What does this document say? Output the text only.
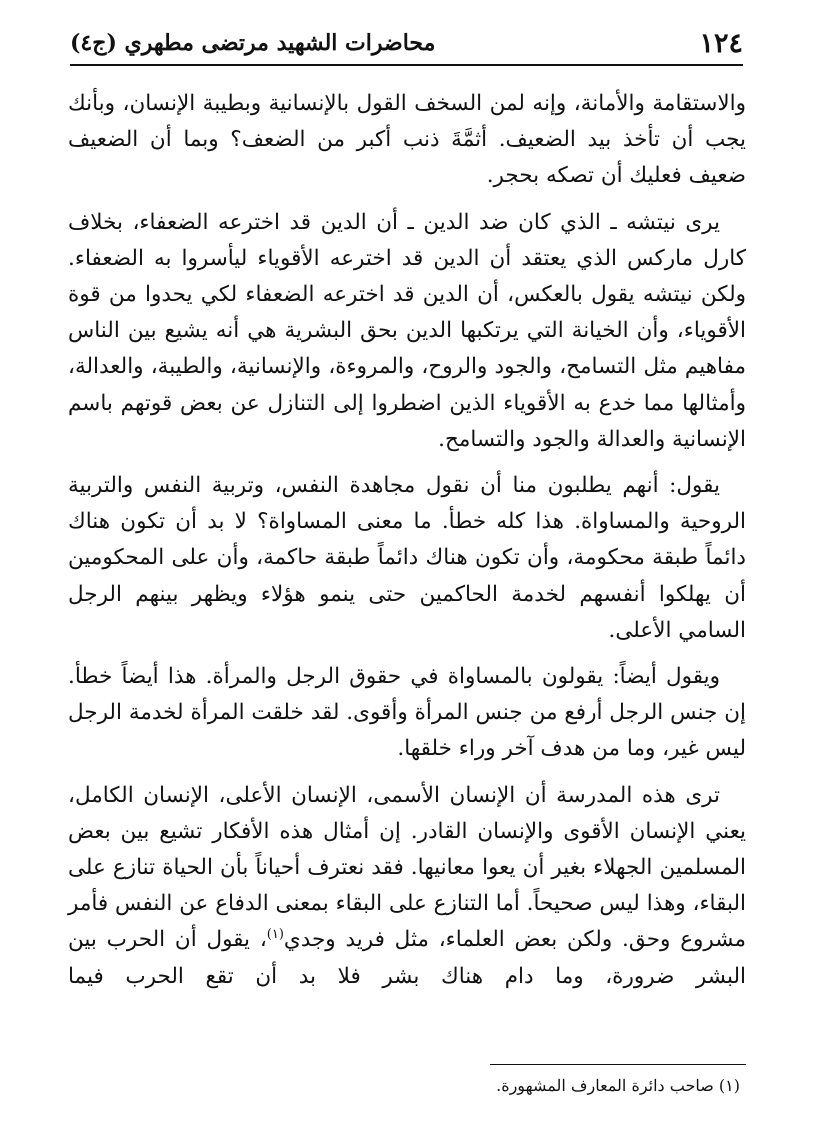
١٢٤
محاضرات الشهيد مرتضى مطهري (ج٤)

والاستقامة والأمانة، وإنه لمن السخف القول بالإنسانية وبطيبة الإنسان، وبأنك يجب أن تأخذ بيد الضعيف. أثمَّةَ ذنب أكبر من الضعف؟ وبما أن الضعيف ضعيف فعليك أن تصكه بحجر.

يرى نيتشه ـ الذي كان ضد الدين ـ أن الدين قد اخترعه الضعفاء، بخلاف كارل ماركس الذي يعتقد أن الدين قد اخترعه الأقوياء ليأسروا به الضعفاء. ولكن نيتشه يقول بالعكس، أن الدين قد اخترعه الضعفاء لكي يحدوا من قوة الأقوياء، وأن الخيانة التي يرتكبها الدين بحق البشرية هي أنه يشيع بين الناس مفاهيم مثل التسامح، والجود والروح، والمروءة، والإنسانية، والطيبة، والعدالة، وأمثالها مما خدع به الأقوياء الذين اضطروا إلى التنازل عن بعض قوتهم باسم الإنسانية والعدالة والجود والتسامح.

يقول: أنهم يطلبون منا أن نقول مجاهدة النفس، وتربية النفس والتربية الروحية والمساواة. هذا كله خطأ. ما معنى المساواة؟ لا بد أن تكون هناك دائماً طبقة محكومة، وأن تكون هناك دائماً طبقة حاكمة، وأن على المحكومين أن يهلكوا أنفسهم لخدمة الحاكمين حتى ينمو هؤلاء ويظهر بينهم الرجل السامي الأعلى.

ويقول أيضاً: يقولون بالمساواة في حقوق الرجل والمرأة. هذا أيضاً خطأ. إن جنس الرجل أرفع من جنس المرأة وأقوى. لقد خلقت المرأة لخدمة الرجل ليس غير، وما من هدف آخر وراء خلقها.

ترى هذه المدرسة أن الإنسان الأسمى، الإنسان الأعلى، الإنسان الكامل، يعني الإنسان الأقوى والإنسان القادر. إن أمثال هذه الأفكار تشيع بين بعض المسلمين الجهلاء بغير أن يعوا معانيها. فقد نعترف أحياناً بأن الحياة تنازع على البقاء، وهذا ليس صحيحاً. أما التنازع على البقاء بمعنى الدفاع عن النفس فأمر مشروع وحق. ولكن بعض العلماء، مثل فريد وجدي$^{(١)}$، يقول أن الحرب بين البشر ضرورة، وما دام هناك بشر فلا بد أن تقع الحرب فيما

(١) صاحب دائرة المعارف المشهورة.
